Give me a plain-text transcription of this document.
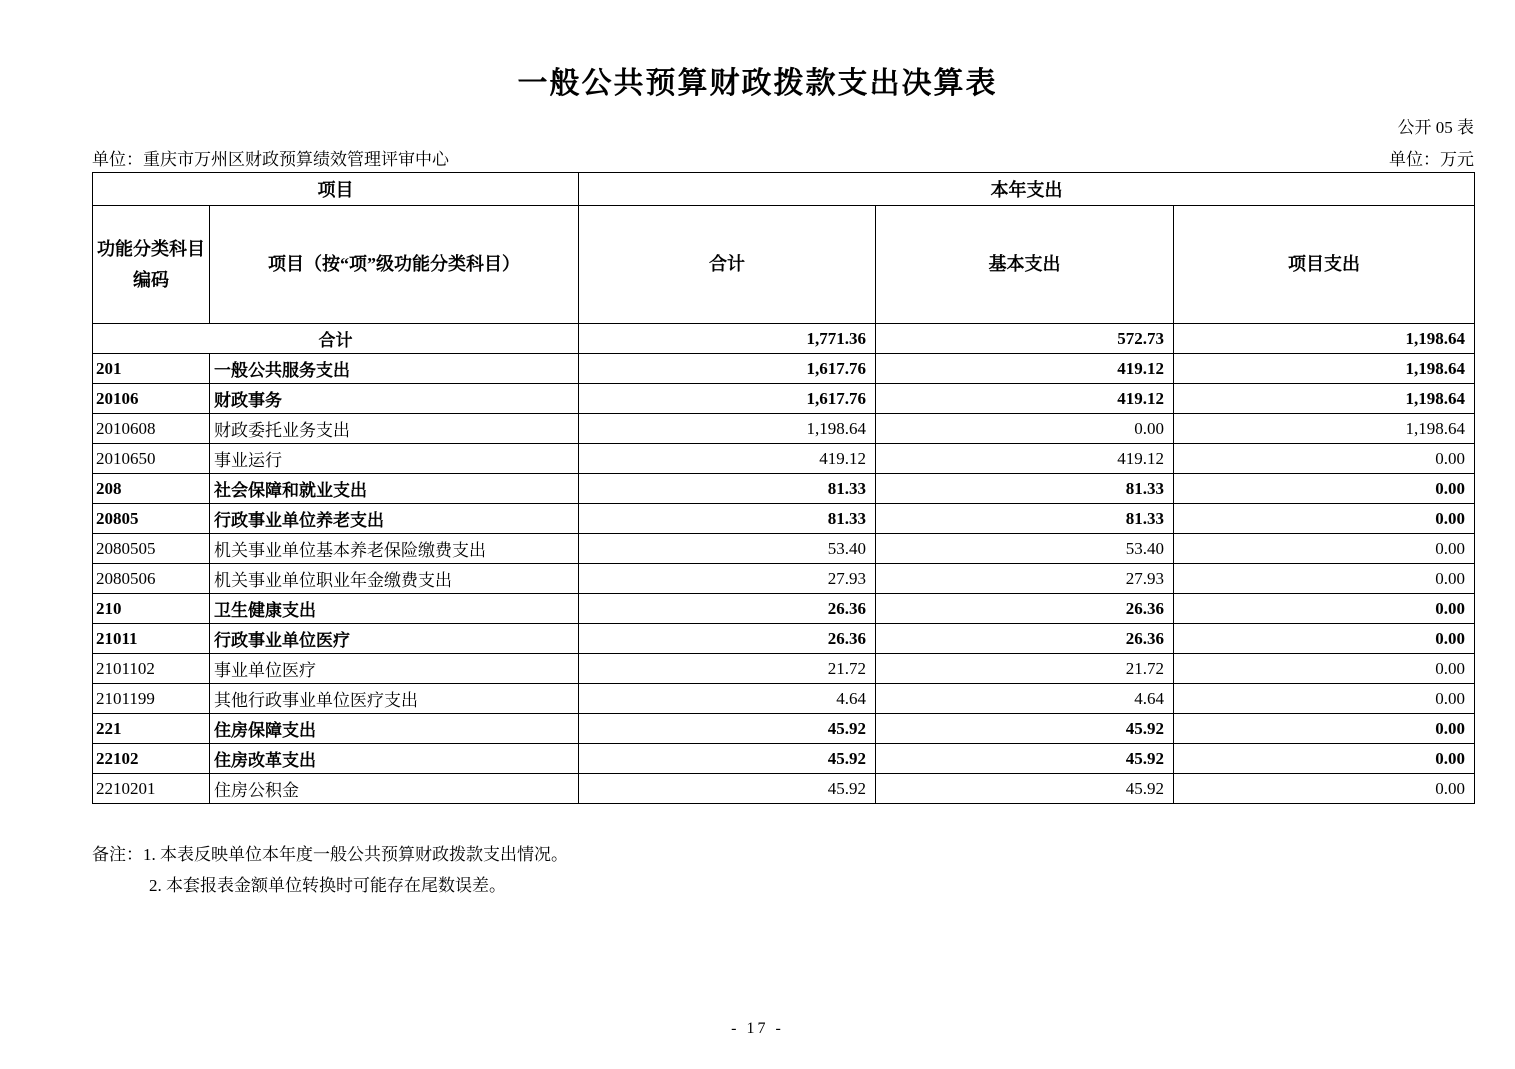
一般公共预算财政拨款支出决算表
公开 05 表
单位：重庆市万州区财政预算绩效管理评审中心	单位：万元
项目		本年支出		
功能分类科目
编码	项目（按“项”级功能分类科目）	合计	基本支出	项目支出
合计		1,771.36	572.73	1,198.64
201	一般公共服务支出	1,617.76	419.12	1,198.64
20106	财政事务	1,617.76	419.12	1,198.64
2010608	财政委托业务支出	1,198.64	0.00	1,198.64
2010650	事业运行	419.12	419.12	0.00
208	社会保障和就业支出	81.33	81.33	0.00
20805	行政事业单位养老支出	81.33	81.33	0.00
2080505	机关事业单位基本养老保险缴费支出	53.40	53.40	0.00
2080506	机关事业单位职业年金缴费支出	27.93	27.93	0.00
210	卫生健康支出	26.36	26.36	0.00
21011	行政事业单位医疗	26.36	26.36	0.00
2101102	事业单位医疗	21.72	21.72	0.00
2101199	其他行政事业单位医疗支出	4.64	4.64	0.00
221	住房保障支出	45.92	45.92	0.00
22102	住房改革支出	45.92	45.92	0.00
2210201	住房公积金	45.92	45.92	0.00
备注：1. 本表反映单位本年度一般公共预算财政拨款支出情况。
2. 本套报表金额单位转换时可能存在尾数误差。
- 17 -
